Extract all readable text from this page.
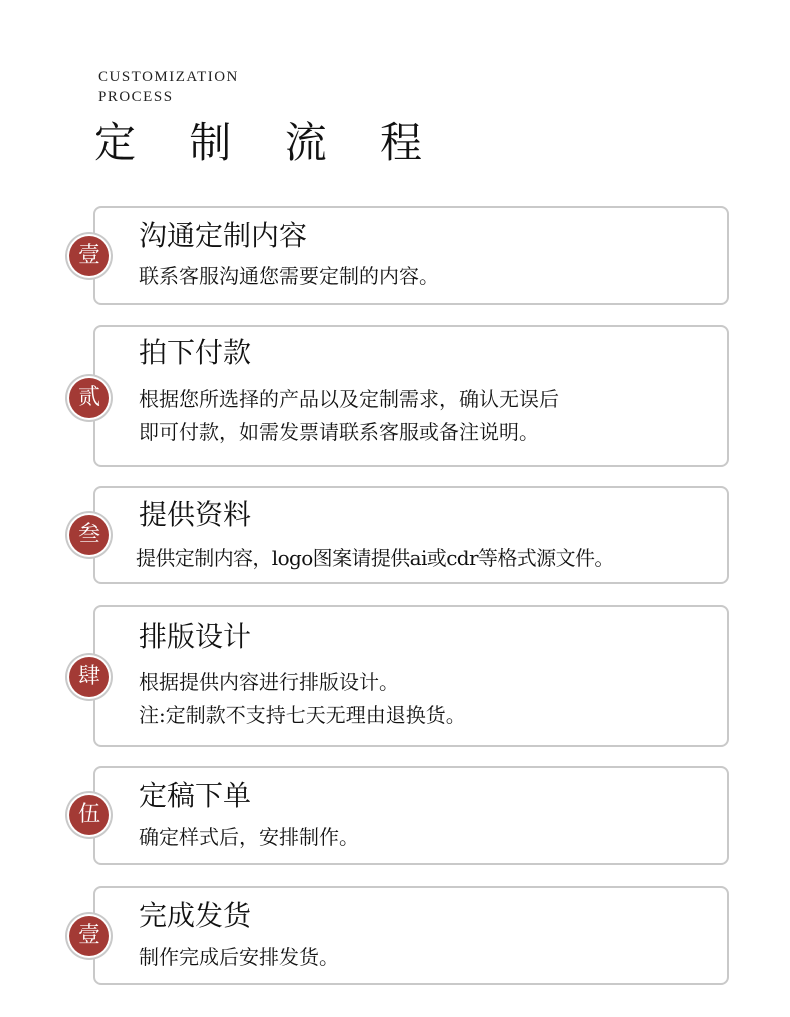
CUSTOMIZATION
PROCESS
定 制 流 程
壹
沟通定制内容
联系客服沟通您需要定制的内容。
贰
拍下付款
根据您所选择的产品以及定制需求，确认无误后
即可付款，如需发票请联系客服或备注说明。
叁
提供资料
提供定制内容，logo图案请提供ai或cdr等格式源文件。
肆
排版设计
根据提供内容进行排版设计。
注:定制款不支持七天无理由退换货。
伍
定稿下单
确定样式后，安排制作。
壹
完成发货
制作完成后安排发货。
